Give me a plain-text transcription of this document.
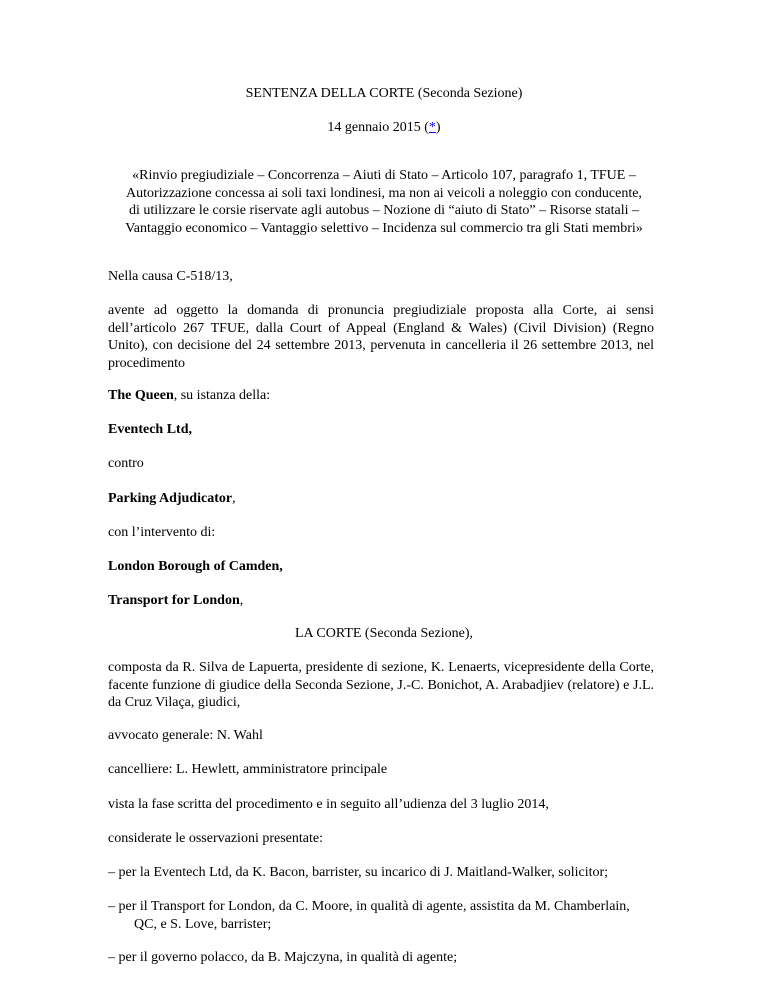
SENTENZA DELLA CORTE (Seconda Sezione)
14 gennaio 2015 (*)
«Rinvio pregiudiziale – Concorrenza – Aiuti di Stato – Articolo 107, paragrafo 1, TFUE –
Autorizzazione concessa ai soli taxi londinesi, ma non ai veicoli a noleggio con conducente,
di utilizzare le corsie riservate agli autobus – Nozione di “aiuto di Stato” – Risorse statali –
Vantaggio economico – Vantaggio selettivo – Incidenza sul commercio tra gli Stati membri»

Nella causa C‑518/13,

avente ad oggetto la domanda di pronuncia pregiudiziale proposta alla Corte, ai sensi dell’articolo 267 TFUE, dalla Court of Appeal (England & Wales) (Civil Division) (Regno Unito), con decisione del 24 settembre 2013, pervenuta in cancelleria il 26 settembre 2013, nel procedimento

The Queen, su istanza della:

Eventech Ltd,

contro

Parking Adjudicator,

con l’intervento di:

London Borough of Camden,

Transport for London,

LA CORTE (Seconda Sezione),

composta da R. Silva de Lapuerta, presidente di sezione, K. Lenaerts, vicepresidente della Corte, facente funzione di giudice della Seconda Sezione, J.‑C. Bonichot, A. Arabadjiev (relatore) e J.L. da Cruz Vilaça, giudici,

avvocato generale: N. Wahl

cancelliere: L. Hewlett, amministratore principale

vista la fase scritta del procedimento e in seguito all’udienza del 3 luglio 2014,

considerate le osservazioni presentate:

– per la Eventech Ltd, da K. Bacon, barrister, su incarico di J. Maitland-Walker, solicitor;

– per il Transport for London, da C. Moore, in qualità di agente, assistita da M. Chamberlain, QC, e S. Love, barrister;

– per il governo polacco, da B. Majczyna, in qualità di agente;
